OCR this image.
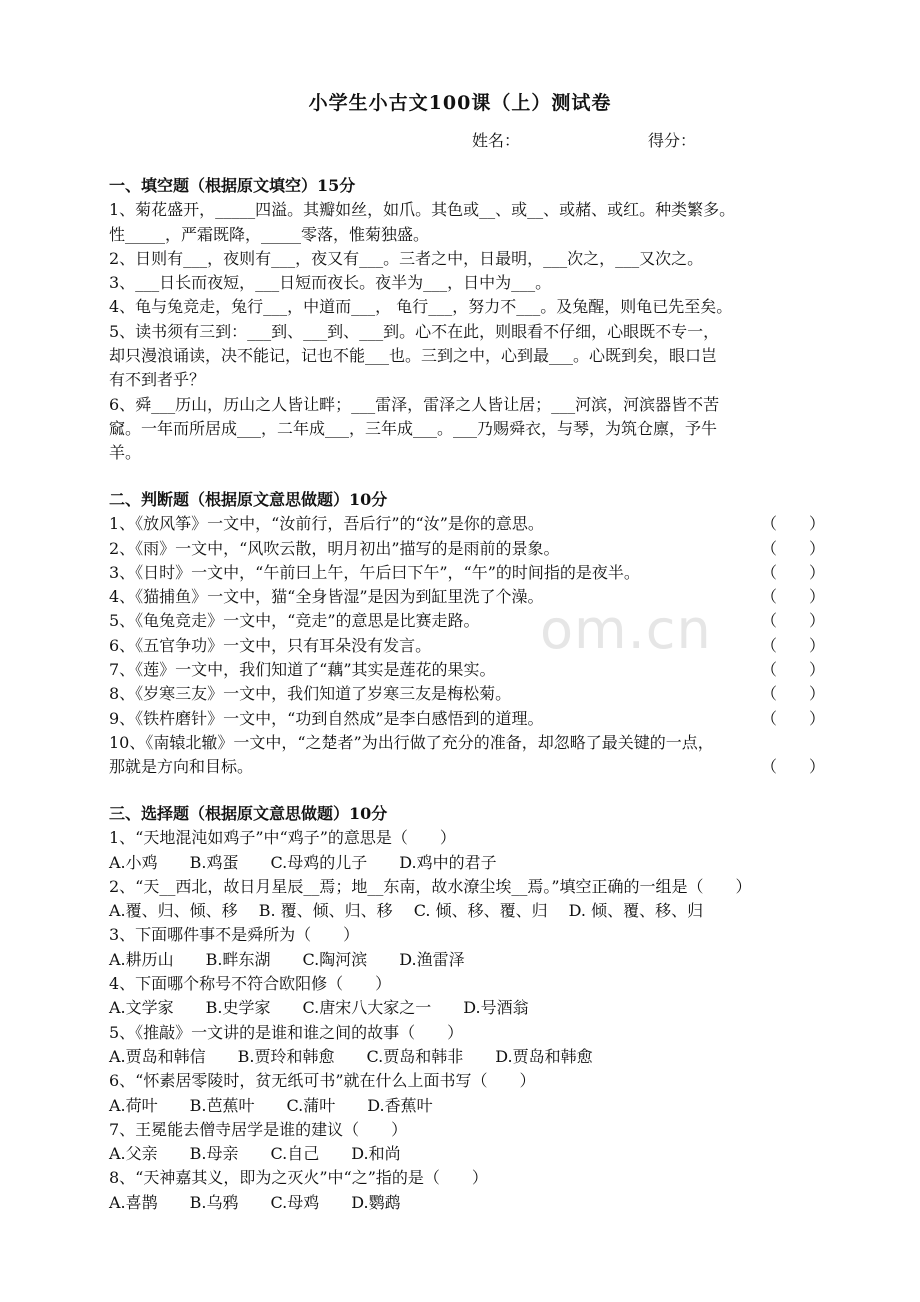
om.cn
小学生小古文100课（上）测试卷
姓名：	得分：
一、填空题（根据原文填空）15分
1、菊花盛开，_____四溢。其瓣如丝，如爪。其色或__、或__、或赭、或红。种类繁多。
性_____，严霜既降，_____零落，惟菊独盛。
2、日则有___，夜则有___，夜又有___。三者之中，日最明，___次之，___又次之。
3、___日长而夜短，___日短而夜长。夜半为___，日中为___。
4、龟与兔竞走，兔行___，中道而___， 龟行___，努力不___。及兔醒，则龟已先至矣。
5、读书须有三到：___到、___到、___到。心不在此，则眼看不仔细，心眼既不专一，
却只漫浪诵读，决不能记，记也不能___也。三到之中，心到最___。心既到矣，眼口岂
有不到者乎？
6、舜___历山，历山之人皆让畔；___雷泽，雷泽之人皆让居；___河滨，河滨器皆不苦
窳。一年而所居成___，二年成___，三年成___。___乃赐舜衣，与琴，为筑仓廪，予牛
羊。
二、判断题（根据原文意思做题）10分
1、《放风筝》一文中，“汝前行，吾后行”的“汝”是你的意思。	（　　）
2、《雨》一文中，“风吹云散，明月初出”描写的是雨前的景象。	（　　）
3、《日时》一文中，“午前曰上午，午后曰下午”，“午”的时间指的是夜半。	（　　）
4、《猫捕鱼》一文中，猫“全身皆湿”是因为到缸里洗了个澡。	（　　）
5、《龟兔竞走》一文中，“竞走”的意思是比赛走路。	（　　）
6、《五官争功》一文中，只有耳朵没有发言。	（　　）
7、《莲》一文中，我们知道了“藕”其实是莲花的果实。	（　　）
8、《岁寒三友》一文中，我们知道了岁寒三友是梅松菊。	（　　）
9、《铁杵磨针》一文中，“功到自然成”是李白感悟到的道理。	（　　）
10、《南辕北辙》一文中，“之楚者”为出行做了充分的准备，却忽略了最关键的一点，
那就是方向和目标。	（　　）
三、选择题（根据原文意思做题）10分
1、“天地混沌如鸡子”中“鸡子”的意思是（　　）
A.小鸡　　B.鸡蛋　　C.母鸡的儿子　　D.鸡中的君子
2、“天__西北，故日月星辰__焉；地__东南，故水潦尘埃__焉。”填空正确的一组是（　　）
A.覆、归、倾、移　 B. 覆、倾、归、移　 C. 倾、移、覆、归　 D. 倾、覆、移、归
3、下面哪件事不是舜所为（　　）
A.耕历山　　B.畔东湖　　C.陶河滨　　D.渔雷泽
4、下面哪个称号不符合欧阳修（　　）
A.文学家　　B.史学家　　C.唐宋八大家之一　　D.号酒翁
5、《推敲》一文讲的是谁和谁之间的故事（　　）
A.贾岛和韩信　　B.贾玲和韩愈　　C.贾岛和韩非　　D.贾岛和韩愈
6、“怀素居零陵时，贫无纸可书”就在什么上面书写（　　）
A.荷叶　　B.芭蕉叶　　C.蒲叶　　D.香蕉叶
7、王冕能去僧寺居学是谁的建议（　　）
A.父亲　　B.母亲　　C.自己　　D.和尚
8、“天神嘉其义，即为之灭火”中“之”指的是（　　）
A.喜鹊　　B.乌鸦　　C.母鸡　　D.鹦鹉
